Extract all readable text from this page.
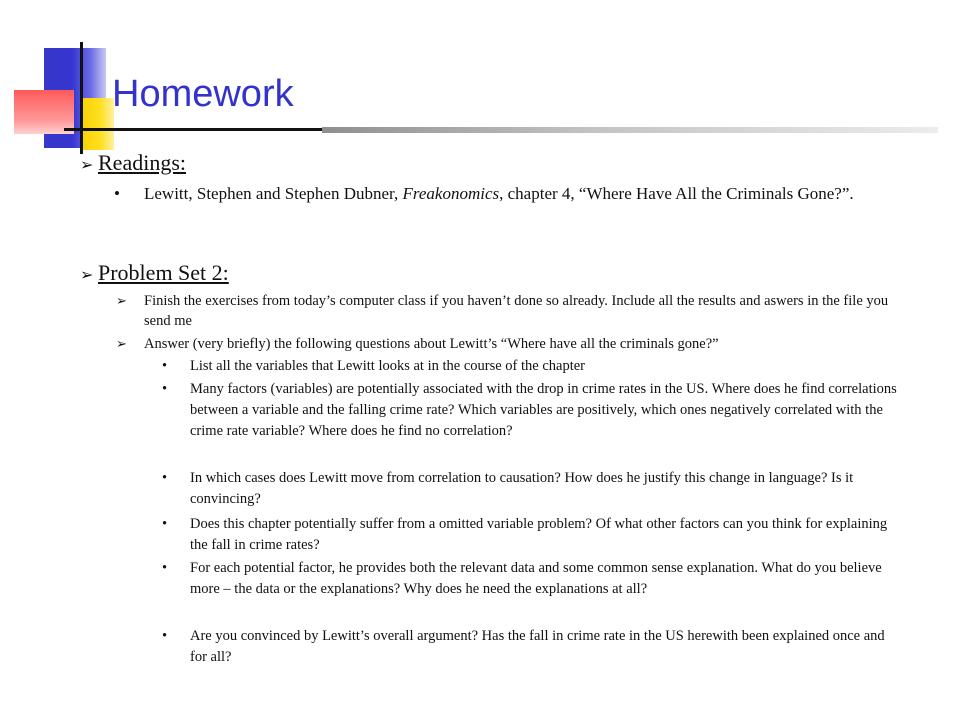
Homework
➢ Readings:
•	Lewitt, Stephen and Stephen Dubner, Freakonomics, chapter 4, “Where Have All the Criminals Gone?”.
➢ Problem Set 2:
➢	Finish the exercises from today’s computer class if you haven’t done so already. Include all the results and aswers in the file you send me
➢	Answer (very briefly) the following questions about Lewitt’s “Where have all the criminals gone?”
•	List all the variables that Lewitt looks at in the course of the chapter
•	Many factors (variables) are potentially associated with the drop in crime rates in the US. Where does he find correlations between a variable and the falling crime rate? Which variables are positively, which ones negatively correlated with the crime rate variable? Where does he find no correlation?
•	In which cases does Lewitt move from correlation to causation? How does he justify this change in language? Is it convincing?
•	Does this chapter potentially suffer from a omitted variable problem? Of what other factors can you think for explaining the fall in crime rates?
•	For each potential factor, he provides both the relevant data and some common sense explanation. What do you believe more – the data or the explanations? Why does he need the explanations at all?
•	Are you convinced by Lewitt’s overall argument? Has the fall in crime rate in the US herewith been explained once and for all?
